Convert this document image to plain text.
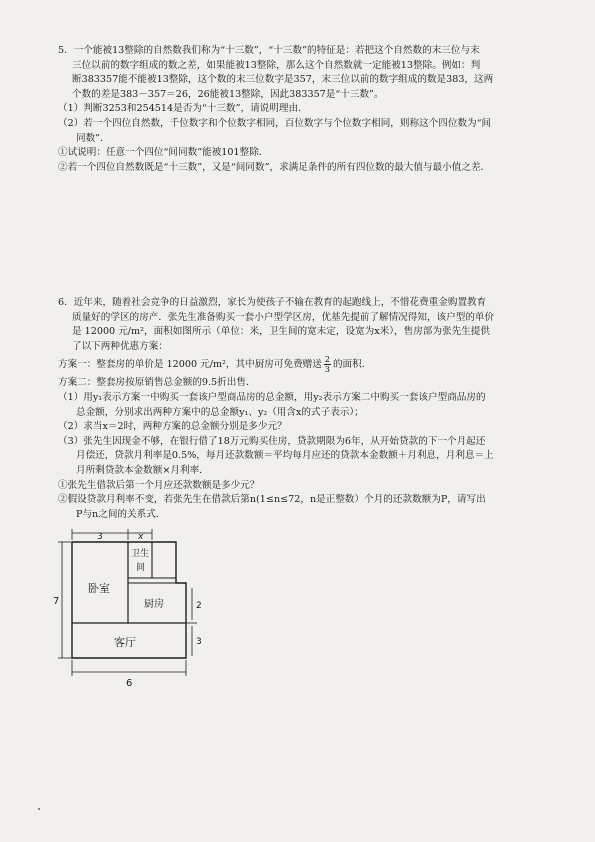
5．一个能被13整除的自然数我们称为“十三数”，“十三数”的特征是：若把这个自然数的末三位与末
三位以前的数字组成的数之差，如果能被13整除，那么这个自然数就一定能被13整除。例如：判
断383357能不能被13整除，这个数的末三位数字是357，末三位以前的数字组成的数是383，这两
个数的差是383－357＝26，26能被13整除，因此383357是“十三数”。
（1）判断3253和254514是否为“十三数”，请说明理由．
（2）若一个四位自然数，千位数字和个位数字相同，百位数字与个位数字相同，则称这个四位数为“间
同数”．
①试说明：任意一个四位“间同数”能被101整除．
②若一个四位自然数既是“十三数”，又是“间同数”，求满足条件的所有四位数的最大值与最小值之差．
6．近年来，随着社会竞争的日益激烈，家长为使孩子不输在教育的起跑线上，不惜花费重金购置教育
质量好的学区的房产．张先生准备购买一套小户型学区房，优基先提前了解情况得知，该户型的单价
是 12000 元/m²，面积如图所示（单位：米，卫生间的宽未定，设宽为x米），售房部为张先生提供
了以下两种优惠方案：
方案一：整套房的单价是 12000 元/m²，其中厨房可免费赠送 $\frac{2}{3}$ 的面积．
方案二：整套房按原销售总金额的9.5折出售．
（1）用y₁表示方案一中购买一套该户型商品房的总金额，用y₂表示方案二中购买一套该户型商品房的
总金额，分别求出两种方案中的总金额y₁、y₂（用含x的式子表示）；
（2）求当x＝2时，两种方案的总金额分别是多少元？
（3）张先生因现金不够，在银行借了18万元购买住房，贷款期限为6年，从开始贷款的下一个月起还
月偿还，贷款月利率是0.5%，每月还款数额＝平均每月应还的贷款本金数额＋月利息，月利息＝上
月所剩贷款本金数额×月利率．
①张先生借款后第一个月应还款数额是多少元？
②假设贷款月利率不变，若张先生在借款后第n(1≤n≤72，n是正整数）个月的还款数额为P，请写出
P与n之间的关系式．
3	x
7	2
3
6
卧室
卫生
间
厨房
客厅
